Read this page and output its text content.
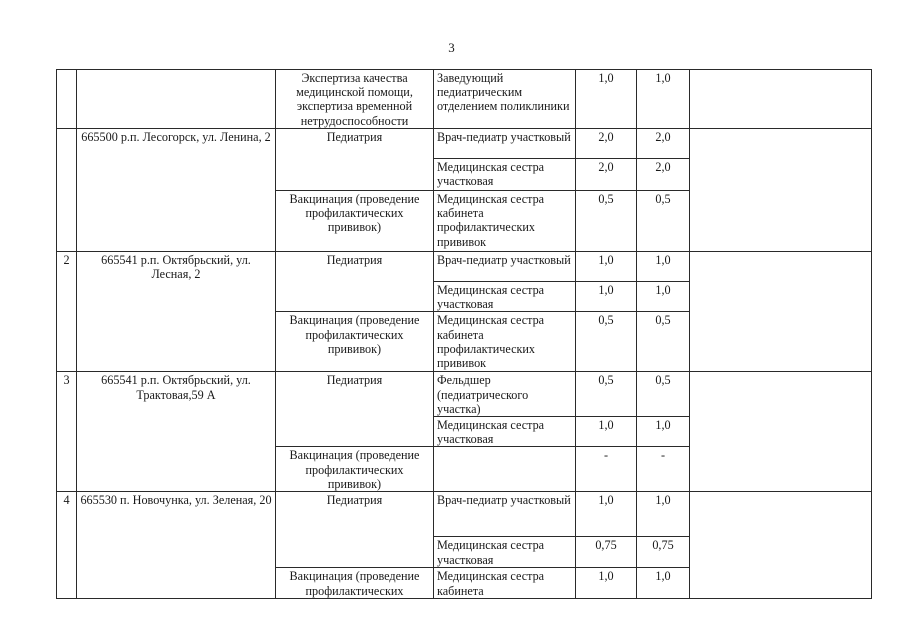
3
		Экспертиза качества медицинской помощи, экспертиза временной нетрудоспособности	Заведующий педиатрическим отделением поликлиники	1,0	1,0	
	665500 р.п. Лесогорск, ул. Ленина, 2	Педиатрия	Врач-педиатр участковый	2,0	2,0	
			Медицинская сестра участковая	2,0	2,0	
		Вакцинация (проведение профилактических прививок)	Медицинская сестра кабинета профилактических прививок	0,5	0,5	
2	665541 р.п. Октябрьский, ул. Лесная, 2	Педиатрия	Врач-педиатр участковый	1,0	1,0	
			Медицинская сестра участковая	1,0	1,0	
		Вакцинация (проведение профилактических прививок)	Медицинская сестра кабинета профилактических прививок	0,5	0,5	
3	665541 р.п. Октябрьский, ул. Трактовая,59 А	Педиатрия	Фельдшер (педиатрического участка)	0,5	0,5	
			Медицинская сестра участковая	1,0	1,0	
		Вакцинация (проведение профилактических прививок)		-	-	
4	665530 п. Новочунка, ул. Зеленая, 20	Педиатрия	Врач-педиатр участковый	1,0	1,0	
			Медицинская сестра участковая	0,75	0,75	
		Вакцинация (проведение профилактических	Медицинская сестра кабинета	1,0	1,0	
